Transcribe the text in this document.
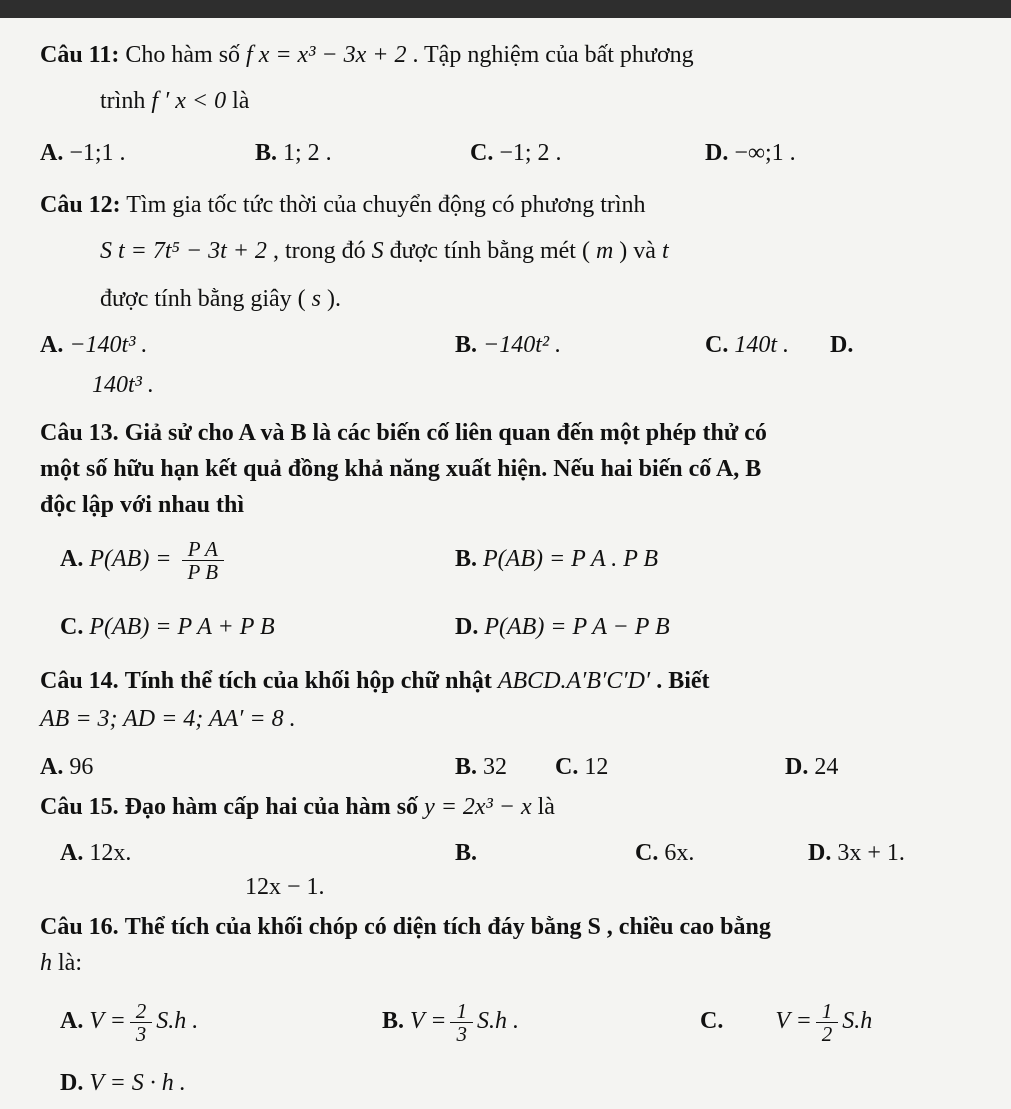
Câu 11: Cho hàm số f x = x³ − 3x + 2 . Tập nghiệm của bất phương
trình f ′ x < 0 là
A. −1;1 .	B. 1; 2 .	C. −1; 2 .	D. −∞;1 .
Câu 12: Tìm gia tốc tức thời của chuyển động có phương trình
S t = 7t⁵ − 3t + 2 , trong đó S được tính bằng mét ( m ) và t
được tính bằng giây ( s ).
A. −140t³ .	B. −140t² .	C. 140t . D.
140t³ .
Câu 13. Giả sử cho A và B là các biến cố liên quan đến một phép thử có
một số hữu hạn kết quả đồng khả năng xuất hiện. Nếu hai biến cố A, B
độc lập với nhau thì
A. $P(AB) = \frac{\text{P A}}{\text{P B}}$	B. P(AB) = P A . P B
C. P(AB) = P A + P B	D. P(AB) = P A − P B
Câu 14. Tính thể tích của khối hộp chữ nhật ABCD.A′B′C′D′ . Biết
AB = 3; AD = 4; AA′ = 8 .
A. 96	B. 32 C. 12	D. 24
Câu 15. Đạo hàm cấp hai của hàm số y = 2x³ − x là
A. 12x.	B.
12x − 1.
C. 6x.	D. 3x + 1.
Câu 16. Thể tích của khối chóp có diện tích đáy bằng S , chiều cao bằng
h là:
A. $V = \frac{2}{3} S.h$ .	B. $V = \frac{1}{3} S.h$ .	C. $V = \frac{1}{2} S.h$
D. V = S · h .
